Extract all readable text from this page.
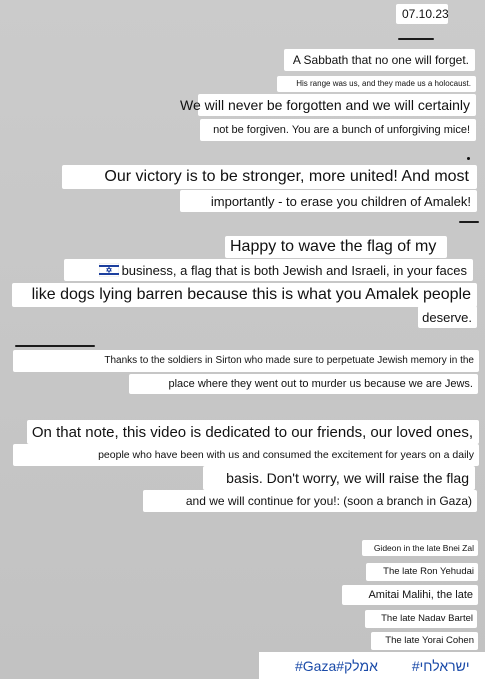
07.10.23
A Sabbath that no one will forget.
His range was us, and they made us a holocaust.
We will never be forgotten and we will certainly
not be forgiven. You are a bunch of unforgiving mice!
Our victory is to be stronger, more united! And most
importantly - to erase you children of Amalek!
Happy to wave the flag of my
business, a flag that is both Jewish and Israeli, in your faces
like dogs lying barren because this is what you Amalek people
deserve.
Thanks to the soldiers in Sirton who made sure to perpetuate Jewish memory in the
place where they went out to murder us because we are Jews.
On that note, this video is dedicated to our friends, our loved ones,
people who have been with us and consumed the excitement for years on a daily
basis. Don't worry, we will raise the flag
and we will continue for you!: (soon a branch in Gaza)
Gideon in the late Bnei Zal
The late Ron Yehudai
Amitai Malihi, the late
The late Nadav Bartel
The late Yorai Cohen
#Gaza#אמלק #ישראלחי
